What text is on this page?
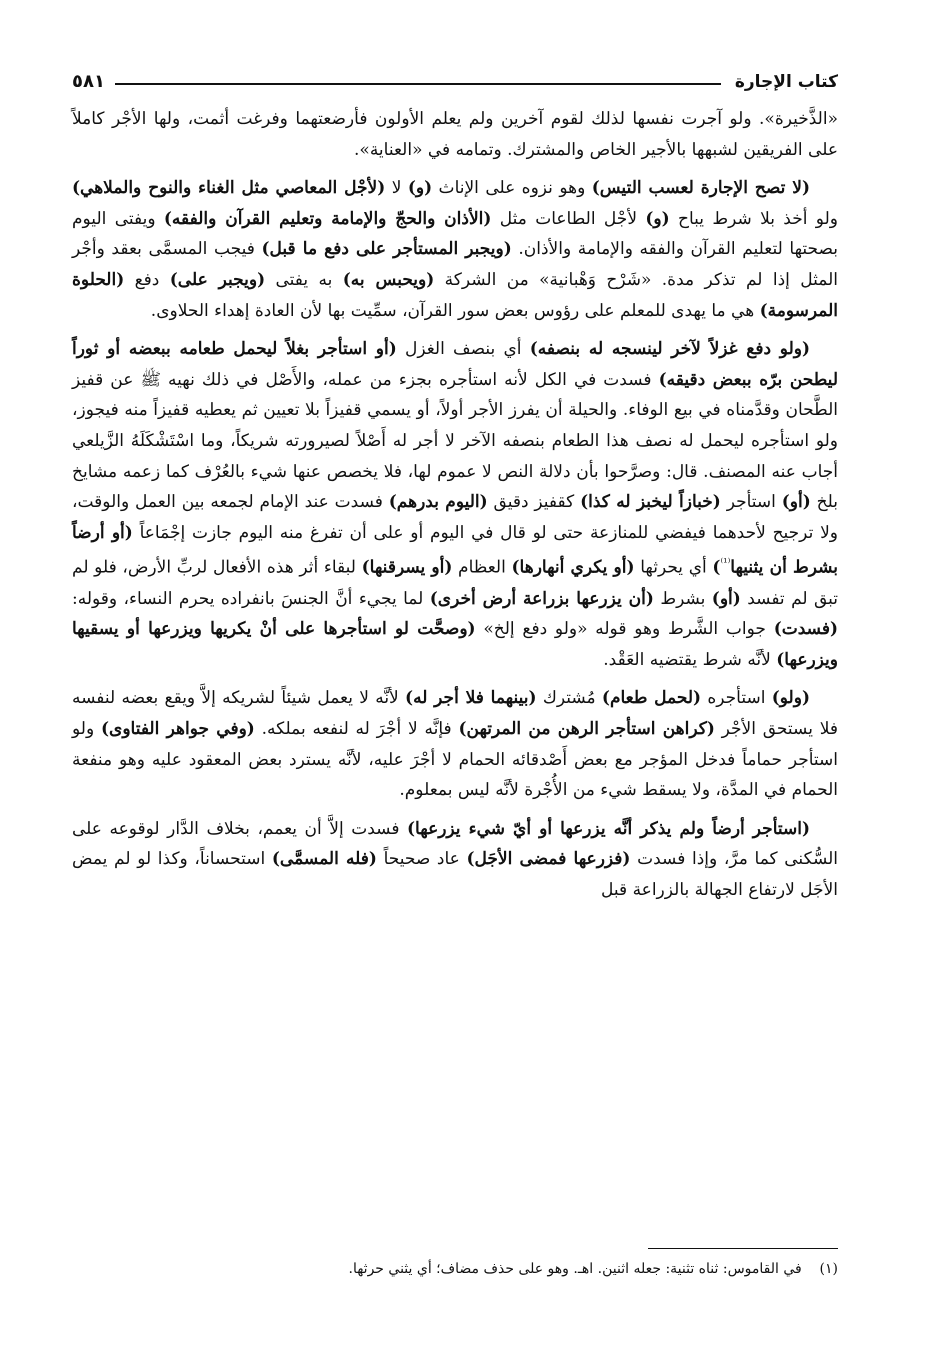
كتاب الإجارة
٥٨١

«الذَّخيرة». ولو آجرت نفسها لذلك لقوم آخرين ولم يعلم الأولون فأرضعتهما وفرغت أثمت، ولها الأجْر كاملاً على الفريقين لشبهها بالأجير الخاص والمشترك. وتمامه في «العناية».

(لا تصح الإجارة لعسب التيس) وهو نزوه على الإناث (و) لا (لأجْل المعاصي مثل الغناء والنوح والملاهي) ولو أخذ بلا شرط يباح (و) لأجْل الطاعات مثل (الأذان والحجّ والإمامة وتعليم القرآن والفقه) ويفتى اليوم بصحتها لتعليم القرآن والفقه والإمامة والأذان. (ويجبر المستأجر على دفع ما قبل) فيجب المسمَّى بعقد وأجْر المثل إذا لم تذكر مدة. «شَرْح وَهْبانية» من الشركة (ويحبس به) به يفتى (ويجبر على) دفع (الحلوة المرسومة) هي ما يهدى للمعلم على رؤوس بعض سور القرآن، سمِّيت بها لأن العادة إهداء الحلاوى.

(ولو دفع غزلاً لآخر لينسجه له بنصفه) أي بنصف الغزل (أو استأجر بغلاً ليحمل طعامه ببعضه أو ثوراً ليطحن برّه ببعض دقيقه) فسدت في الكل لأنه استأجره بجزء من عمله، والأَصْل في ذلك نهيه ﷺ عن قفيز الطَّحان وقدَّمناه في بيع الوفاء. والحيلة أن يفرز الأجر أولاً، أو يسمي قفيزاً بلا تعيين ثم يعطيه قفيزاً منه فيجوز، ولو استأجره ليحمل له نصف هذا الطعام بنصفه الآخر لا أجر له أَصْلاً لصيرورته شريكاً، وما اسْتَشْكَلَهُ الزَّيلعي أجاب عنه المصنف. قال: وصرَّحوا بأن دلالة النص لا عموم لها، فلا يخصص عنها شيء بالعُرْف كما زعمه مشايخ بلخ (أو) استأجر (خبازاً ليخبز له كذا) كقفيز دقيق (اليوم بدرهم) فسدت عند الإمام لجمعه بين العمل والوقت، ولا ترجيح لأحدهما فيفضي للمنازعة حتى لو قال في اليوم أو على أن تفرغ منه اليوم جازت إجْمَاعاً (أو أرضاً بشرط أن يثنيها$^{^{(1)}}$) أي يحرثها (أو يكري أنهارها) العظام (أو يسرقنها) لبقاء أثر هذه الأفعال لربِّ الأرض، فلو لم تبق لم تفسد (أو) بشرط (أن يزرعها بزراعة أرض أخرى) لما يجيء أنَّ الجنسَ بانفراده يحرم النساء، وقوله: (فسدت) جواب الشَّرط وهو قوله «ولو دفع إلخ» (وصحَّت لو استأجرها على أنْ يكريها ويزرعها أو يسقيها ويزرعها) لأنَّه شرط يقتضيه العَقْد.

(ولو) استأجره (لحمل طعام) مُشترك (بينهما فلا أجر له) لأنَّه لا يعمل شيئاً لشريكه إلاَّ ويقع بعضه لنفسه فلا يستحق الأجْر (كراهن استأجر الرهن من المرتهن) فإنَّه لا أجْرَ له لنفعه بملكه. (وفي جواهر الفتاوى) ولو استأجر حماماً فدخل المؤجر مع بعض أَصْدقائه الحمام لا أجْرَ عليه، لأنَّه يسترد بعض المعقود عليه وهو منفعة الحمام في المدَّة، ولا يسقط شيء من الأُجْرة لأنَّه ليس بمعلوم.

(استأجر أرضاً ولم يذكر أنَّه يزرعها أو أيّ شيء يزرعها) فسدت إلاَّ أن يعمم، بخلاف الدَّار لوقوعه على السُّكنى كما مرَّ، وإذا فسدت (فزرعها فمضى الأجَل) عاد صحيحاً (فله المسمَّى) استحساناً، وكذا لو لم يمض الأجَل لارتفاع الجهالة بالزراعة قبل

(١)    في القاموس: ثناه تثنية: جعله اثنين. اهـ. وهو على حذف مضاف؛ أي يثني حرثها.
